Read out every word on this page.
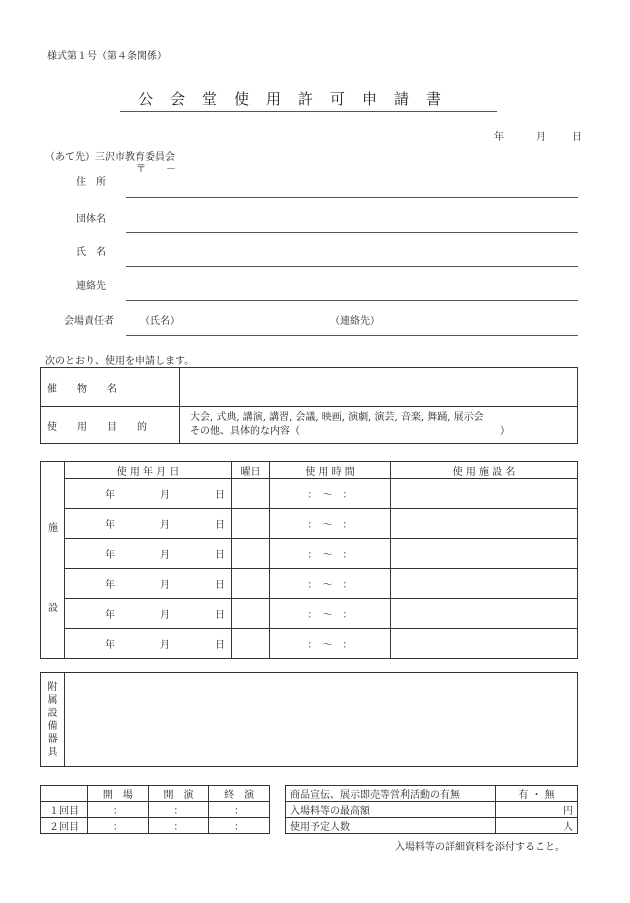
様式第１号（第４条関係）
公　会　堂　使　用　許　可　申　請　書
年	月	日
（あて先）三沢市教育委員会
〒　　－
住　所
団体名
氏　名
連絡先
会場責任者	（氏名）	（連絡先）
次のとおり、使用を申請します。
催　　物　　名	
使　　用　　目　　的	大会, 式典, 講演, 講習, 会議, 映画, 演劇, 演芸, 音楽, 舞踊, 展示会
その他、具体的な内容（　　　　　　　　　　　　　　　　　　　　）
施
設	使 用 年 月 日	曜日	使 用 時 間	使 用 施 設 名
	年 月 日		：　～　：	
	年 月 日		：　～　：	
	年 月 日		：　～　：	
	年 月 日		：　～　：	
	年 月 日		：　～　：	
	年 月 日		：　～　：	
附
属
設
備
器
具

	開　場	開　演	終　演
１回目	：	：	：
２回目	：	：	：
商品宣伝、展示即売等営利活動の有無	有 ・ 無
入場料等の最高額	円
使用予定人数	人
入場料等の詳細資料を添付すること。
